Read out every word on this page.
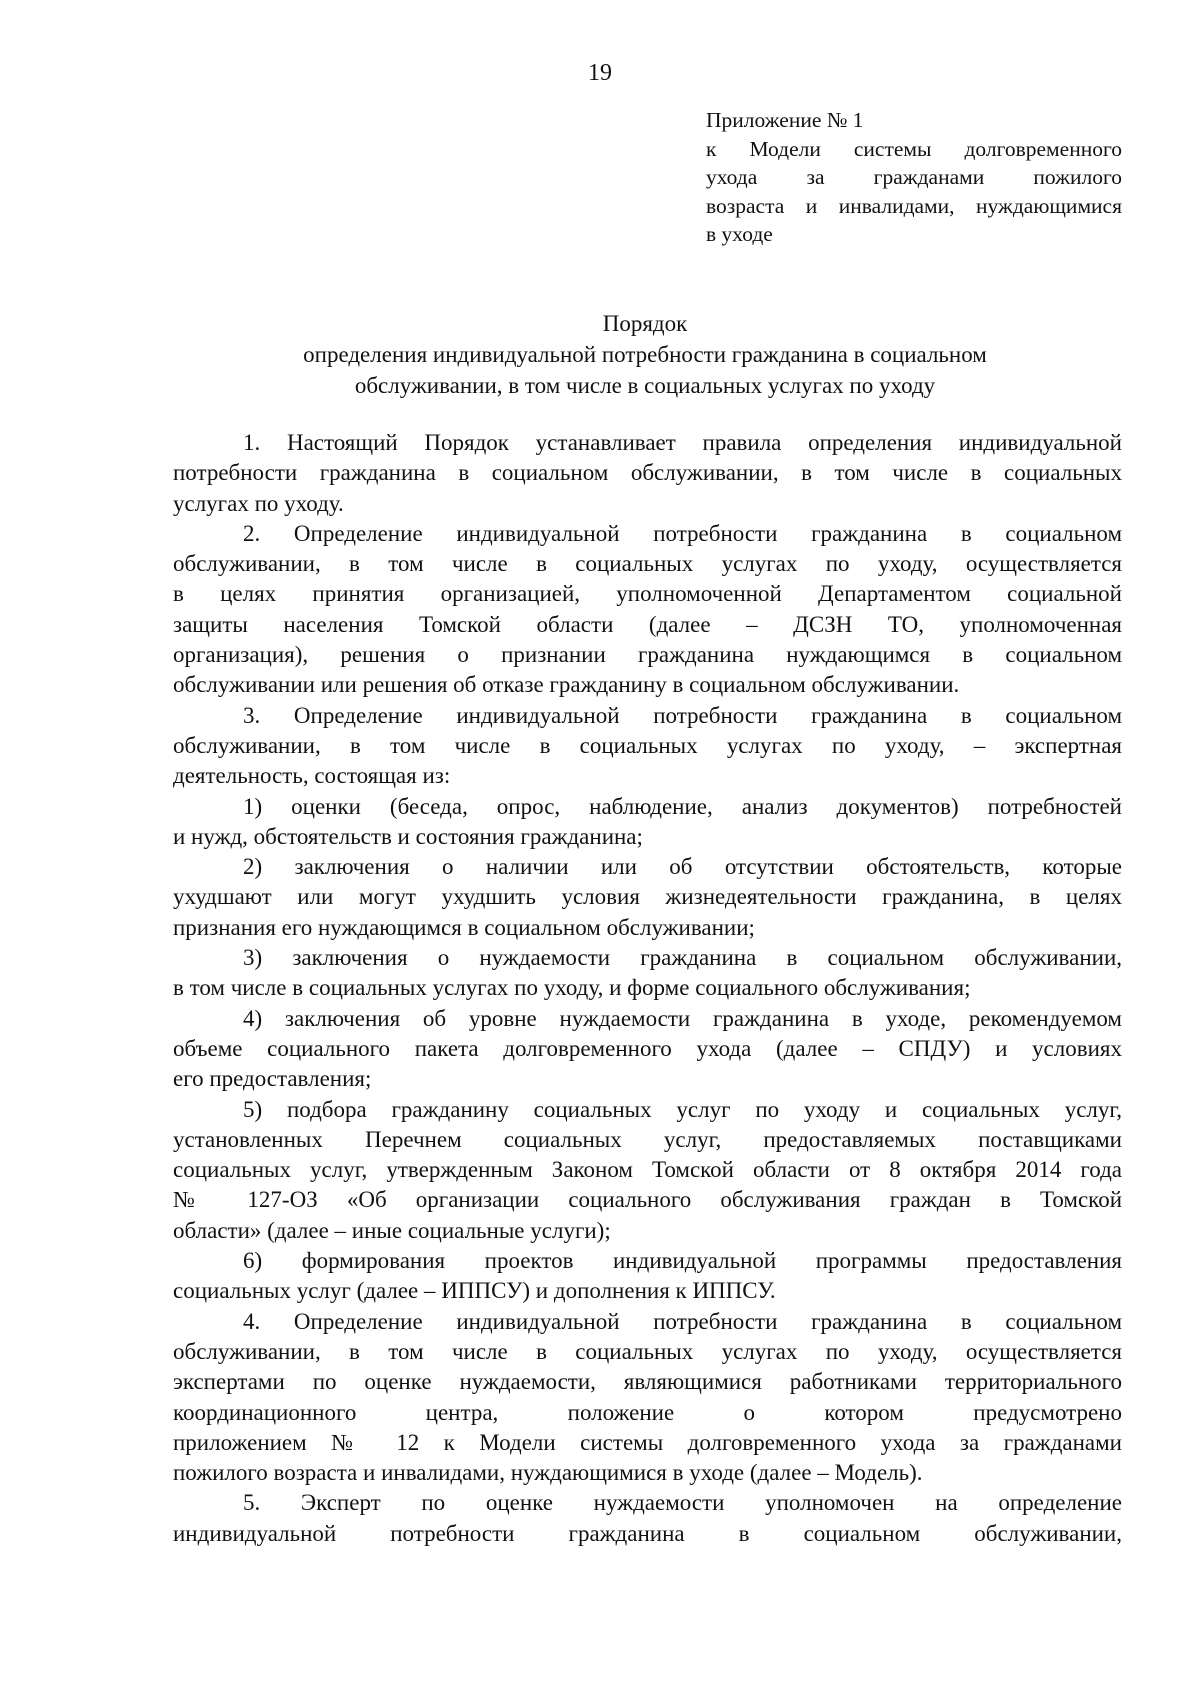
19
Приложение № 1
к Модели системы долговременного
ухода за гражданами пожилого
возраста и инвалидами, нуждающимися
в уходе
Порядок
определения индивидуальной потребности гражданина в социальном
обслуживании, в том числе в социальных услугах по уходу
1. Настоящий Порядок устанавливает правила определения индивидуальной
потребности гражданина в социальном обслуживании, в том числе в социальных
услугах по уходу.
2. Определение индивидуальной потребности гражданина в социальном
обслуживании, в том числе в социальных услугах по уходу, осуществляется
в целях принятия организацией, уполномоченной Департаментом социальной
защиты населения Томской области (далее – ДСЗН ТО, уполномоченная
организация), решения о признании гражданина нуждающимся в социальном
обслуживании или решения об отказе гражданину в социальном обслуживании.
3. Определение индивидуальной потребности гражданина в социальном
обслуживании, в том числе в социальных услугах по уходу, – экспертная
деятельность, состоящая из:
1) оценки (беседа, опрос, наблюдение, анализ документов) потребностей
и нужд, обстоятельств и состояния гражданина;
2) заключения о наличии или об отсутствии обстоятельств, которые
ухудшают или могут ухудшить условия жизнедеятельности гражданина, в целях
признания его нуждающимся в социальном обслуживании;
3) заключения о нуждаемости гражданина в социальном обслуживании,
в том числе в социальных услугах по уходу, и форме социального обслуживания;
4) заключения об уровне нуждаемости гражданина в уходе, рекомендуемом
объеме социального пакета долговременного ухода (далее – СПДУ) и условиях
его предоставления;
5) подбора гражданину социальных услуг по уходу и социальных услуг,
установленных Перечнем социальных услуг, предоставляемых поставщиками
социальных услуг, утвержденным Законом Томской области от 8 октября 2014 года
№ 127-ОЗ «Об организации социального обслуживания граждан в Томской
области» (далее – иные социальные услуги);
6) формирования проектов индивидуальной программы предоставления
социальных услуг (далее – ИППСУ) и дополнения к ИППСУ.
4. Определение индивидуальной потребности гражданина в социальном
обслуживании, в том числе в социальных услугах по уходу, осуществляется
экспертами по оценке нуждаемости, являющимися работниками территориального
координационного центра, положение о котором предусмотрено
приложением № 12 к Модели системы долговременного ухода за гражданами
пожилого возраста и инвалидами, нуждающимися в уходе (далее – Модель).
5. Эксперт по оценке нуждаемости уполномочен на определение
индивидуальной потребности гражданина в социальном обслуживании,
